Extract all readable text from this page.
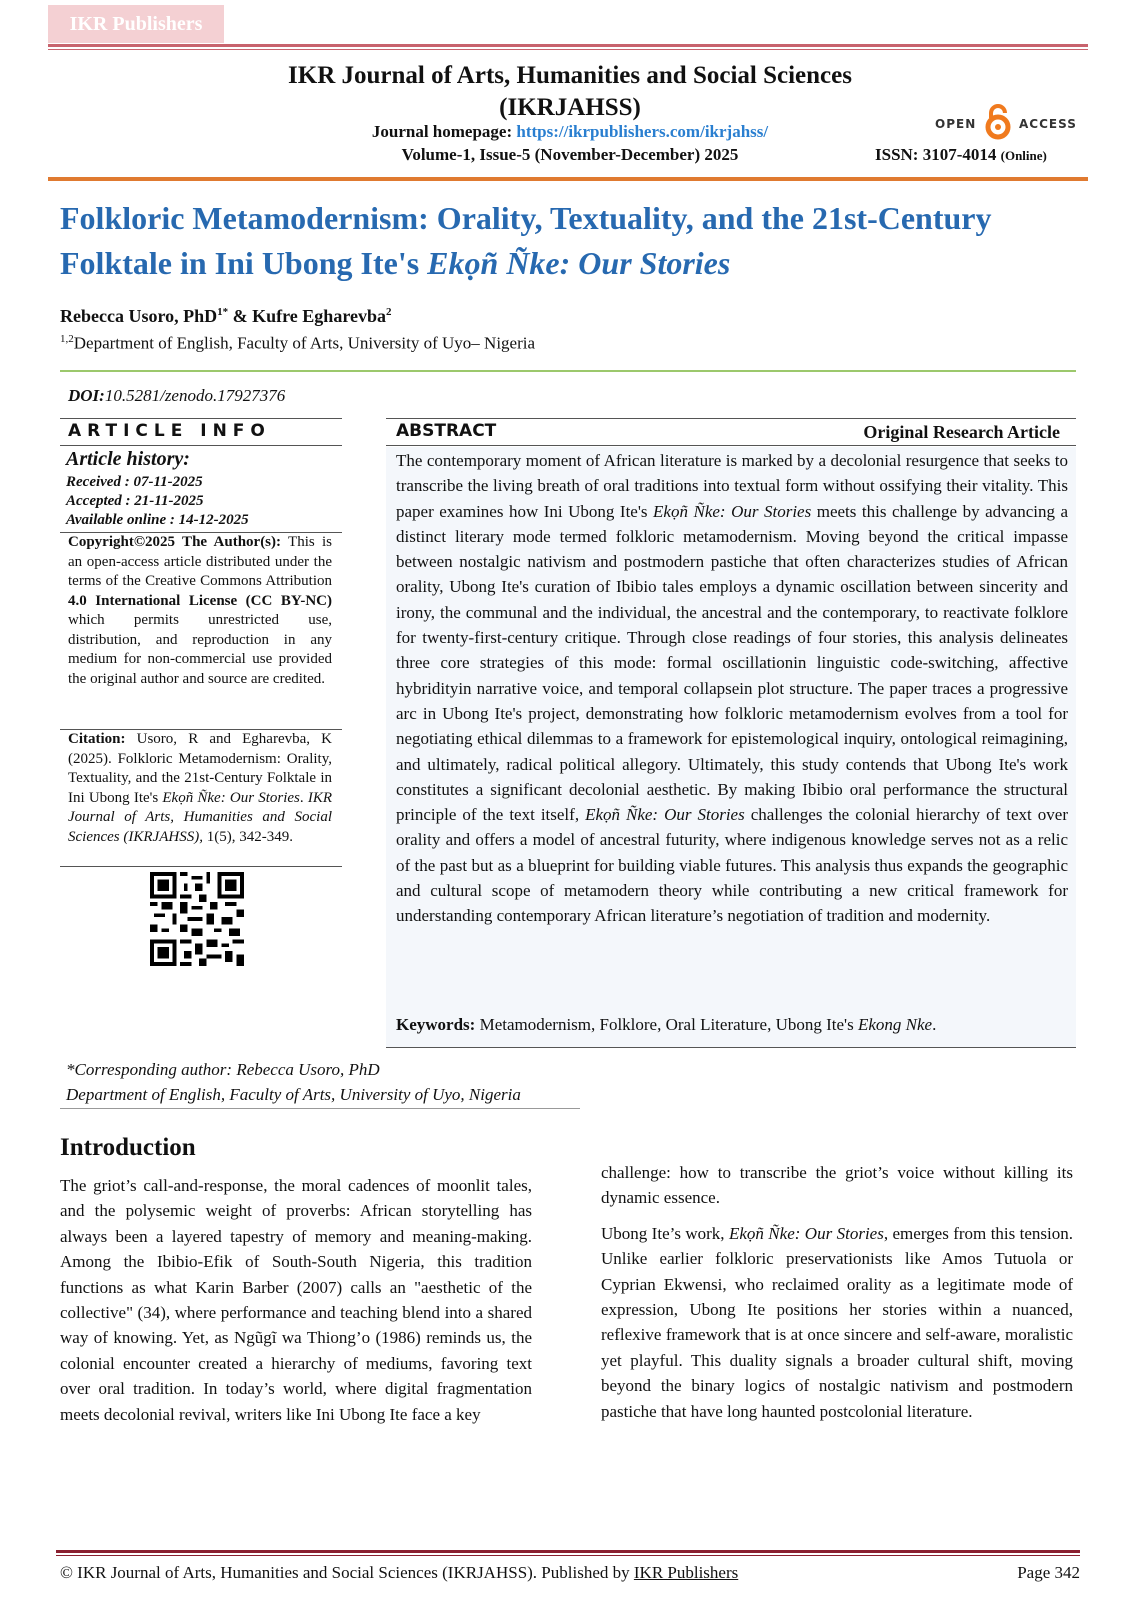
IKR Publishers
IKR Journal of Arts, Humanities and Social Sciences
(IKRJAHSS)
Journal homepage: https://ikrpublishers.com/ikrjahss/
Volume-1, Issue-5 (November-December) 2025	ISSN: 3107-4014 (Online)
OPEN	ACCESS
Folkloric Metamodernism: Orality, Textuality, and the 21st-Century
Folktale in Ini Ubong Ite's Ekọñ Ñke: Our Stories
Rebecca Usoro, PhD$^{1*}$ & Kufre Egharevba$^2$
$^{1,2}$Department of English, Faculty of Arts, University of Uyo– Nigeria
DOI:10.5281/zenodo.17927376
ARTICLE INFO
Article history:
Received : 07-11-2025
Accepted : 21-11-2025
Available online : 14-12-2025
Copyright©2025 The Author(s): This is an open-access article distributed under the terms of the Creative Commons Attribution 4.0 International License (CC BY-NC) which permits unrestricted use, distribution, and reproduction in any medium for non-commercial use provided the original author and source are credited.
Citation: Usoro, R and Egharevba, K (2025). Folkloric Metamodernism: Orality, Textuality, and the 21st-Century Folktale in Ini Ubong Ite's Ekọñ Ñke: Our Stories. IKR Journal of Arts, Humanities and Social Sciences (IKRJAHSS), 1(5), 342-349.
ABSTRACT	Original Research Article
The contemporary moment of African literature is marked by a decolonial resurgence that seeks to transcribe the living breath of oral traditions into textual form without ossifying their vitality. This paper examines how Ini Ubong Ite's Ekọñ Ñke: Our Stories meets this challenge by advancing a distinct literary mode termed folkloric metamodernism. Moving beyond the critical impasse between nostalgic nativism and postmodern pastiche that often characterizes studies of African orality, Ubong Ite's curation of Ibibio tales employs a dynamic oscillation between sincerity and irony, the communal and the individual, the ancestral and the contemporary, to reactivate folklore for twenty-first-century critique. Through close readings of four stories, this analysis delineates three core strategies of this mode: formal oscillationin linguistic code-switching, affective hybridityin narrative voice, and temporal collapsein plot structure. The paper traces a progressive arc in Ubong Ite's project, demonstrating how folkloric metamodernism evolves from a tool for negotiating ethical dilemmas to a framework for epistemological inquiry, ontological reimagining, and ultimately, radical political allegory. Ultimately, this study contends that Ubong Ite's work constitutes a significant decolonial aesthetic. By making Ibibio oral performance the structural principle of the text itself, Ekọñ Ñke: Our Stories challenges the colonial hierarchy of text over orality and offers a model of ancestral futurity, where indigenous knowledge serves not as a relic of the past but as a blueprint for building viable futures. This analysis thus expands the geographic and cultural scope of metamodern theory while contributing a new critical framework for understanding contemporary African literature’s negotiation of tradition and modernity.
Keywords: Metamodernism, Folklore, Oral Literature, Ubong Ite's Ekong Nke.
*Corresponding author: Rebecca Usoro, PhD
Department of English, Faculty of Arts, University of Uyo, Nigeria
Introduction

The griot’s call-and-response, the moral cadences of moonlit tales, and the polysemic weight of proverbs: African storytelling has always been a layered tapestry of memory and meaning-making. Among the Ibibio-Efik of South-South Nigeria, this tradition functions as what Karin Barber (2007) calls an "aesthetic of the collective" (34), where performance and teaching blend into a shared way of knowing. Yet, as Ngũgĩ wa Thiong’o (1986) reminds us, the colonial encounter created a hierarchy of mediums, favoring text over oral tradition. In today’s world, where digital fragmentation meets decolonial revival, writers like Ini Ubong Ite face a key

challenge: how to transcribe the griot’s voice without killing its dynamic essence.

Ubong Ite’s work, Ekọñ Ñke: Our Stories, emerges from this tension. Unlike earlier folkloric preservationists like Amos Tutuola or Cyprian Ekwensi, who reclaimed orality as a legitimate mode of expression, Ubong Ite positions her stories within a nuanced, reflexive framework that is at once sincere and self-aware, moralistic yet playful. This duality signals a broader cultural shift, moving beyond the binary logics of nostalgic nativism and postmodern pastiche that have long haunted postcolonial literature.

© IKR Journal of Arts, Humanities and Social Sciences (IKRJAHSS). Published by IKR Publishers	Page 342
